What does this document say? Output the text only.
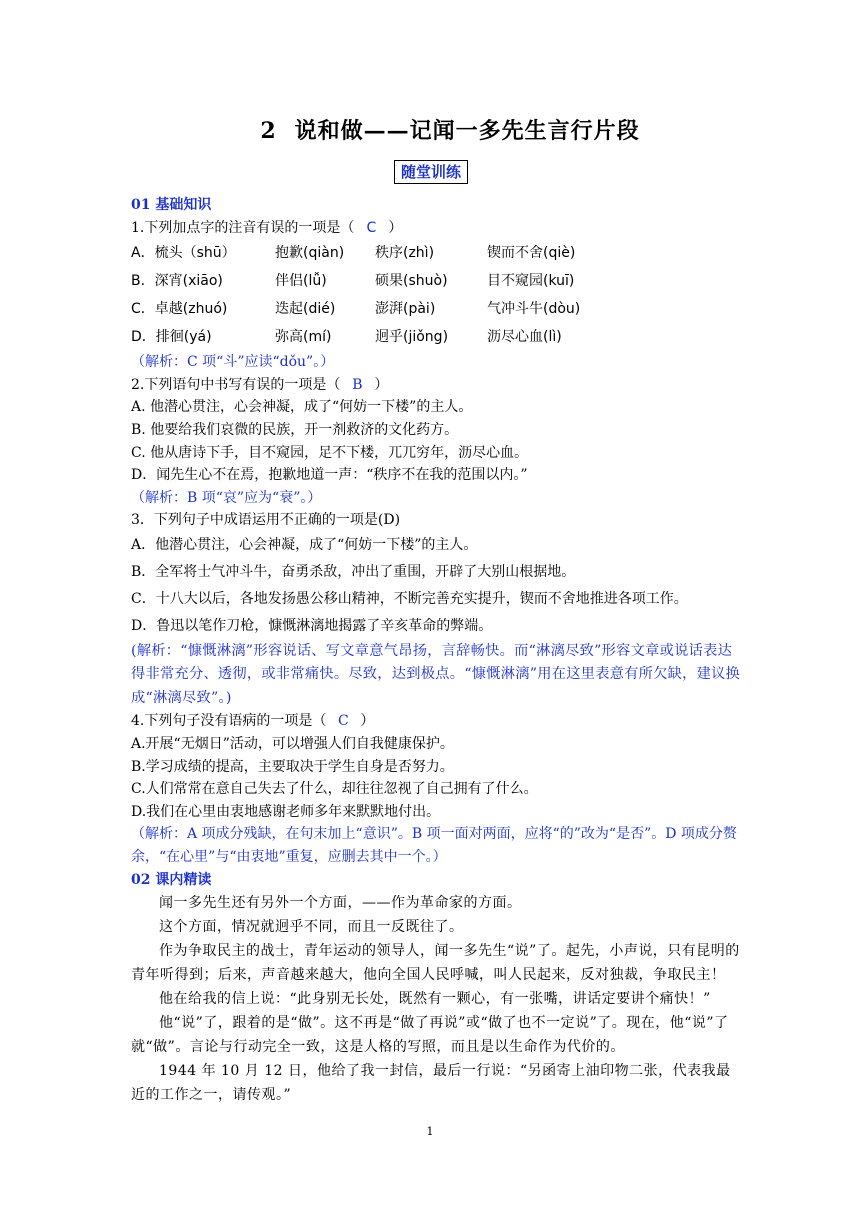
2 说和做——记闻一多先生言行片段
随堂训练
01 基础知识
1.下列加点字的注音有误的一项是（ C ）
A．梳头（shū）	抱歉(qiàn)	秩序(zhì)	锲而不舍(qiè)
B．深宵(xiāo)	伴侣(lǚ)	硕果(shuò)	目不窥园(kuī)
C．卓越(zhuó)	迭起(dié)	澎湃(pài)	气冲斗牛(dòu)
D．排徊(yá)	弥高(mí)	迥乎(jiǒng)	沥尽心血(lì)
（解析：C 项“斗”应读“dǒu”。）
2.下列语句中书写有误的一项是（ B ）
A. 他潜心贯注，心会神凝，成了“何妨一下楼”的主人。
B. 他要给我们哀微的民族，开一剂救济的文化药方。
C. 他从唐诗下手，目不窥园，足不下楼，兀兀穷年，沥尽心血。
D．闻先生心不在焉，抱歉地道一声：“秩序不在我的范围以内。”
（解析：B 项“哀”应为“衰”。）
3．下列句子中成语运用不正确的一项是(D)
A．他潜心贯注，心会神凝，成了“何妨一下楼”的主人。
B．全军将士气冲斗牛，奋勇杀敌，冲出了重围，开辟了大别山根据地。
C．十八大以后，各地发扬愚公移山精神，不断完善充实提升，锲而不舍地推进各项工作。
D．鲁迅以笔作刀枪，慷慨淋漓地揭露了辛亥革命的弊端。
(解析：“慷慨淋漓”形容说话、写文章意气昂扬，言辞畅快。而“淋漓尽致”形容文章或说话表达得非常充分、透彻，或非常痛快。尽致，达到极点。“慷慨淋漓”用在这里表意有所欠缺，建议换成“淋漓尽致”。)
4.下列句子没有语病的一项是（ C ）
A.开展“无烟日”活动，可以增强人们自我健康保护。
B.学习成绩的提高，主要取决于学生自身是否努力。
C.人们常常在意自己失去了什么，却往往忽视了自己拥有了什么。
D.我们在心里由衷地感谢老师多年来默默地付出。
（解析：A 项成分残缺，在句末加上“意识”。B 项一面对两面，应将“的”改为“是否”。D 项成分赘余，“在心里”与“由衷地”重复，应删去其中一个。）
02 课内精读
闻一多先生还有另外一个方面，——作为革命家的方面。
这个方面，情况就迥乎不同，而且一反既往了。
作为争取民主的战士，青年运动的领导人，闻一多先生“说”了。起先，小声说，只有昆明的青年听得到；后来，声音越来越大，他向全国人民呼喊，叫人民起来，反对独裁，争取民主！
他在给我的信上说：“此身别无长处，既然有一颗心，有一张嘴，讲话定要讲个痛快！”
他“说”了，跟着的是“做”。这不再是“做了再说”或“做了也不一定说”了。现在，他“说”了就“做”。言论与行动完全一致，这是人格的写照，而且是以生命作为代价的。
1944 年 10 月 12 日，他给了我一封信，最后一行说：“另函寄上油印物二张，代表我最近的工作之一，请传观。”
1
